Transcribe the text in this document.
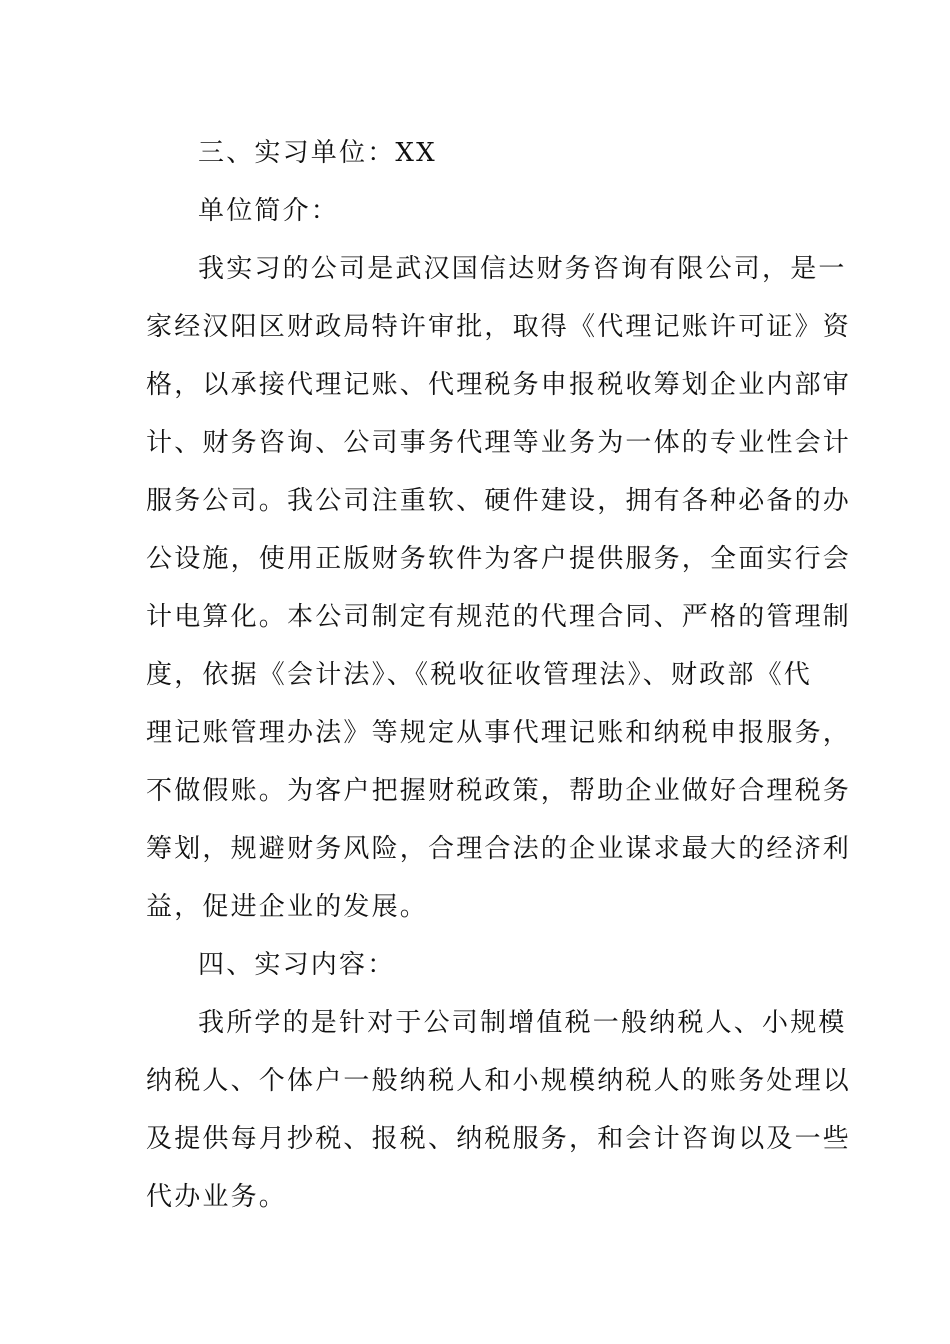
三、实习单位：XX
单位简介：
我实习的公司是武汉国信达财务咨询有限公司，是一
家经汉阳区财政局特许审批，取得《代理记账许可证》资
格，以承接代理记账、代理税务申报税收筹划企业内部审
计、财务咨询、公司事务代理等业务为一体的专业性会计
服务公司。我公司注重软、硬件建设，拥有各种必备的办
公设施，使用正版财务软件为客户提供服务，全面实行会
计电算化。本公司制定有规范的代理合同、严格的管理制
度，依据《会计法》、《税收征收管理法》、财政部《代
理记账管理办法》等规定从事代理记账和纳税申报服务，
不做假账。为客户把握财税政策，帮助企业做好合理税务
筹划，规避财务风险，合理合法的企业谋求最大的经济利
益，促进企业的发展。
四、实习内容：
我所学的是针对于公司制增值税一般纳税人、小规模
纳税人、个体户一般纳税人和小规模纳税人的账务处理以
及提供每月抄税、报税、纳税服务，和会计咨询以及一些
代办业务。
